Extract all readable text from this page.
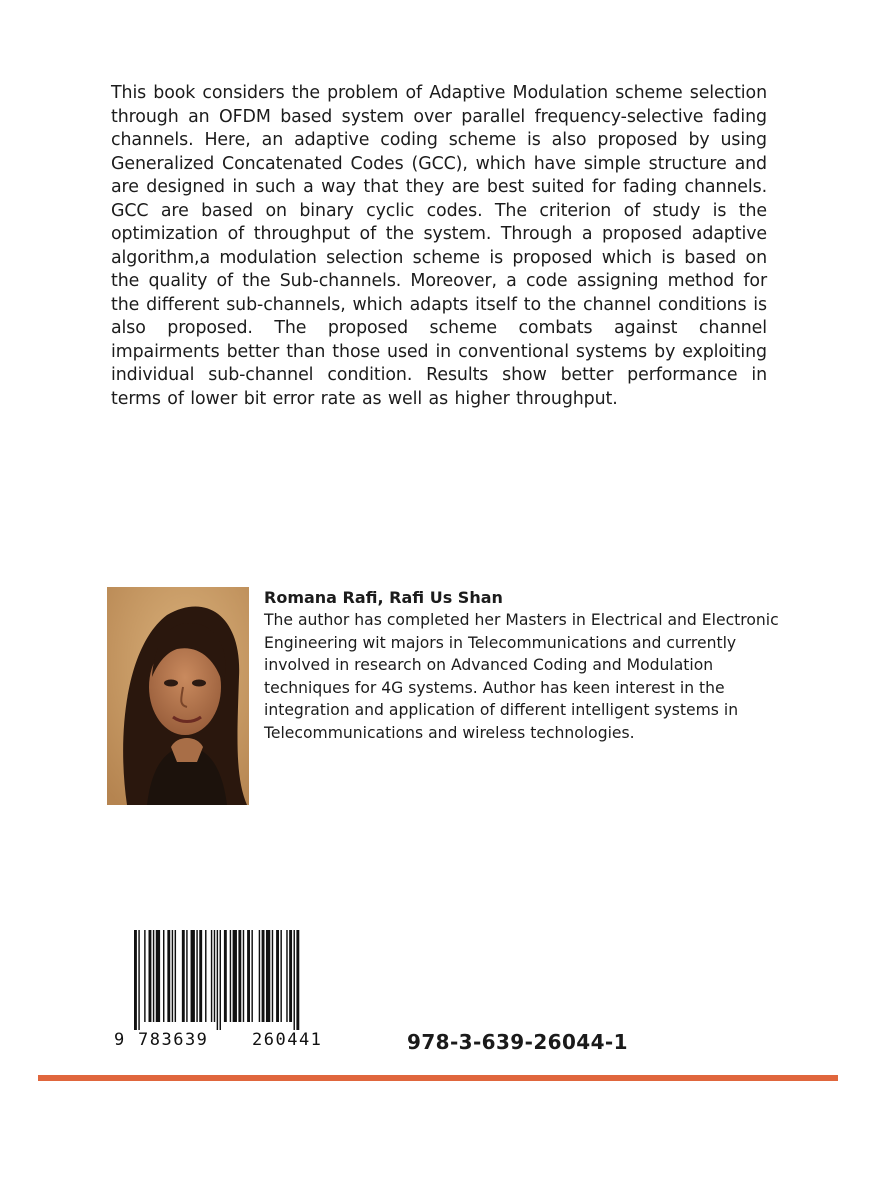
This book considers the problem of Adaptive Modulation scheme selection through an OFDM based system over parallel frequency-selective fading channels. Here, an adaptive coding scheme is also proposed by using Generalized Concatenated Codes (GCC), which have simple structure and are designed in such a way that they are best suited for fading channels. GCC are based on binary cyclic codes. The criterion of study is the optimization of throughput of the system. Through a proposed adaptive algorithm,a modulation selection scheme is proposed which is based on the quality of the Sub-channels. Moreover, a code assigning method for the different sub-channels, which adapts itself to the channel conditions is also proposed. The proposed scheme combats against channel impairments better than those used in conventional systems by exploiting individual sub-channel condition. Results show better performance in terms of lower bit error rate as well as higher throughput.

Romana Rafi, Rafi Us Shan

The author has completed her Masters in Electrical and Electronic Engineering wit majors in Telecommunications and currently involved in research on Advanced Coding and Modulation techniques for 4G systems. Author has keen interest in the integration and application of different intelligent systems in Telecommunications and wireless technologies.

9

783639

	260441

	978-3-639-26044-1
